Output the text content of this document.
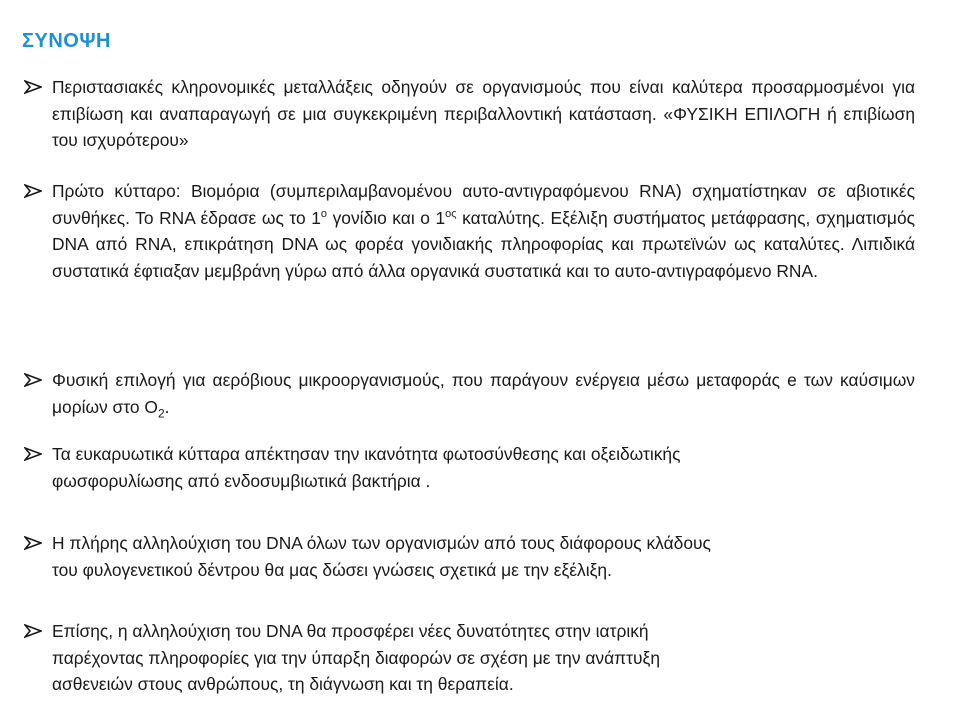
ΣΥΝΟΨΗ
Περιστασιακές κληρονομικές μεταλλάξεις οδηγούν σε οργανισμούς που είναι καλύτερα προσαρμοσμένοι για επιβίωση και αναπαραγωγή σε μια συγκεκριμένη περιβαλλοντική κατάσταση. «ΦΥΣΙΚΗ ΕΠΙΛΟΓΗ ή επιβίωση του ισχυρότερου»
Πρώτο κύτταρο: Βιομόρια (συμπεριλαμβανομένου αυτο-αντιγραφόμενου RNA) σχηματίστηκαν σε αβιοτικές συνθήκες. Το RNA έδρασε ως το $1^o$ γονίδιο και ο $1^{o\varsigma}$ καταλύτης. Εξέλιξη συστήματος μετάφρασης, σχηματισμός DNA από RNA, επικράτηση DNA ως φορέα γονιδιακής πληροφορίας και πρωτεϊνών ως καταλύτες. Λιπιδικά συστατικά έφτιαξαν μεμβράνη γύρω από άλλα οργανικά συστατικά και το αυτο-αντιγραφόμενο RNA.
Φυσική επιλογή για αερόβιους μικροοργανισμούς, που παράγουν ενέργεια μέσω μεταφοράς e των καύσιμων μορίων στο $O_2$.
Τα ευκαρυωτικά κύτταρα απέκτησαν την ικανότητα φωτοσύνθεσης και οξειδωτικής
φωσφορυλίωσης από ενδοσυμβιωτικά βακτήρια .
Η πλήρης αλληλούχιση του DNA όλων των οργανισμών από τους διάφορους κλάδους
του φυλογενετικού δέντρου θα μας δώσει γνώσεις σχετικά με την εξέλιξη.
Επίσης, η αλληλούχιση του DNA θα προσφέρει νέες δυνατότητες στην ιατρική
παρέχοντας πληροφορίες για την ύπαρξη διαφορών σε σχέση με την ανάπτυξη
ασθενειών στους ανθρώπους, τη διάγνωση και τη θεραπεία.
